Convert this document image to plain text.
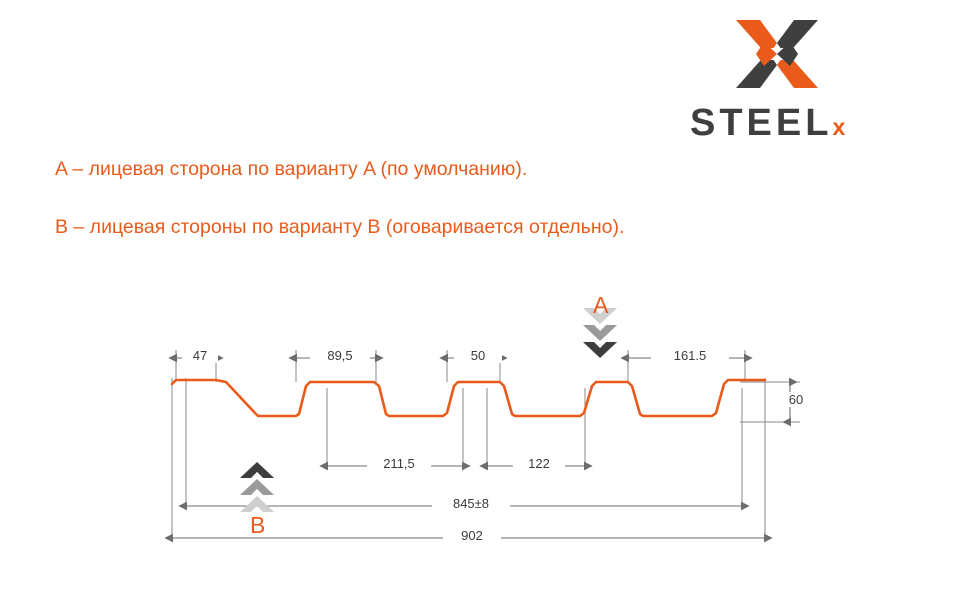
STEELx
A – лицевая сторона по варианту A (по умолчанию).
B – лицевая стороны по варианту B (оговаривается отдельно).
47	89,5	50	161.5
60
211,5	122
845±8
902
A
B
